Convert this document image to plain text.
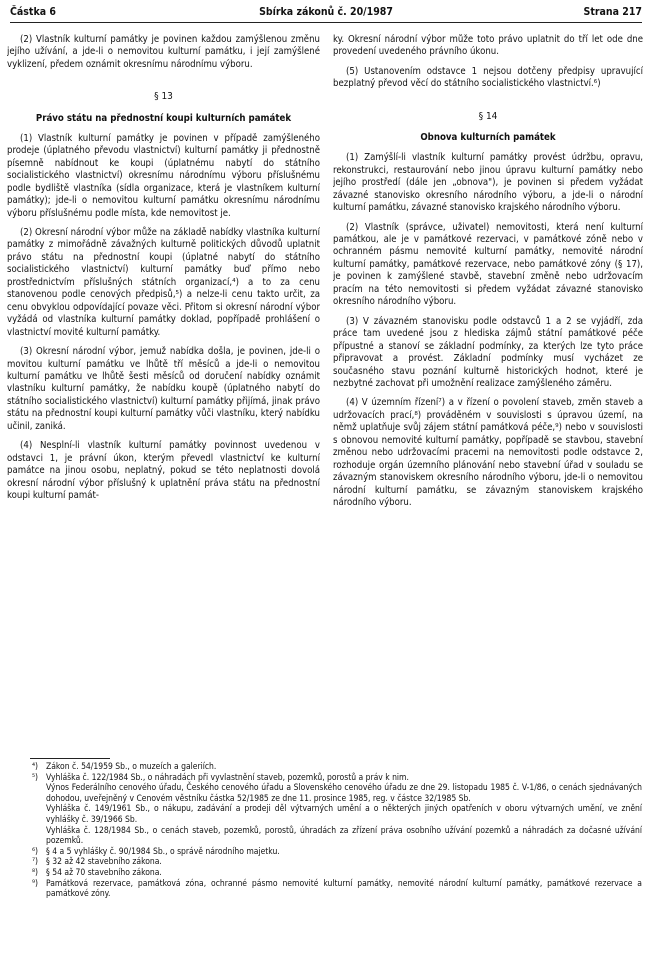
Částka 6	Sbírka zákonů č. 20/1987	Strana 217

(2) Vlastník kulturní památky je povinen každou zamýšlenou změnu jejího užívání, a jde-li o nemovitou kulturní památku, i její zamýšlené vyklizení, předem oznámit okresnímu národnímu výboru.

§ 13
Právo státu na přednostní koupi kulturních památek

(1) Vlastník kulturní památky je povinen v případě zamýšleného prodeje (úplatného převodu vlastnictví) kulturní památky ji přednostně písemně nabídnout ke koupi (úplatnému nabytí do státního socialistického vlastnictví) okresnímu národnímu výboru příslušnému podle bydliště vlastníka (sídla organizace, která je vlastníkem kulturní památky); jde-li o nemovitou kulturní památku okresnímu národnímu výboru příslušnému podle místa, kde nemovitost je.

(2) Okresní národní výbor může na základě nabídky vlastníka kulturní památky z mimořádně závažných kulturně politických důvodů uplatnit právo státu na přednostní koupi (úplatné nabytí do státního socialistického vlastnictví) kulturní památky buď přímo nebo prostřednictvím příslušných státních organizací,⁴) a to za cenu stanovenou podle cenových předpisů,⁵) a nelze-li cenu takto určit, za cenu obvyklou odpovídající povaze věci. Přitom si okresní národní výbor vyžádá od vlastníka kulturní památky doklad, popřípadě prohlášení o vlastnictví movité kulturní památky.

(3) Okresní národní výbor, jemuž nabídka došla, je povinen, jde-li o movitou kulturní památku ve lhůtě tří měsíců a jde-li o nemovitou kulturní památku ve lhůtě šesti měsíců od doručení nabídky oznámit vlastníku kulturní památky, že nabídku koupě (úplatného nabytí do státního socialistického vlastnictví) kulturní památky přijímá, jinak právo státu na přednostní koupi kulturní památky vůči vlastníku, který nabídku učinil, zaniká.

(4) Nesplní-li vlastník kulturní památky povinnost uvedenou v odstavci 1, je právní úkon, kterým převedl vlastnictví ke kulturní památce na jinou osobu, neplatný, pokud se této neplatnosti dovolá okresní národní výbor příslušný k uplatnění práva státu na přednostní koupi kulturní památ-

ky. Okresní národní výbor může toto právo uplatnit do tří let ode dne provedení uvedeného právního úkonu.

(5) Ustanovením odstavce 1 nejsou dotčeny předpisy upravující bezplatný převod věcí do státního socialistického vlastnictví.⁶)

§ 14
Obnova kulturních památek

(1) Zamýšlí-li vlastník kulturní památky provést údržbu, opravu, rekonstrukci, restaurování nebo jinou úpravu kulturní památky nebo jejího prostředí (dále jen „obnova"), je povinen si předem vyžádat závazné stanovisko okresního národního výboru, a jde-li o národní kulturní památku, závazné stanovisko krajského národního výboru.

(2) Vlastník (správce, uživatel) nemovitosti, která není kulturní památkou, ale je v památkové rezervaci, v památkové zóně nebo v ochranném pásmu nemovité kulturní památky, nemovité národní kulturní památky, památkové rezervace, nebo památkové zóny (§ 17), je povinen k zamýšlené stavbě, stavební změně nebo udržovacím pracím na této nemovitosti si předem vyžádat závazné stanovisko okresního národního výboru.

(3) V závazném stanovisku podle odstavců 1 a 2 se vyjádří, zda práce tam uvedené jsou z hlediska zájmů státní památkové péče přípustné a stanoví se základní podmínky, za kterých lze tyto práce připravovat a provést. Základní podmínky musí vycházet ze současného stavu poznání kulturně historických hodnot, které je nezbytné zachovat při umožnění realizace zamýšleného záměru.

(4) V územním řízení⁷) a v řízení o povolení staveb, změn staveb a udržovacích prací,⁸) prováděném v souvislosti s úpravou území, na němž uplatňuje svůj zájem státní památková péče,⁹) nebo v souvislosti s obnovou nemovité kulturní památky, popřípadě se stavbou, stavební změnou nebo udržovacími pracemi na nemovitosti podle odstavce 2, rozhoduje orgán územního plánování nebo stavební úřad v souladu se závazným stanoviskem okresního národního výboru, jde-li o nemovitou národní kulturní památku, se závazným stanoviskem krajského národního výboru.

⁴) Zákon č. 54/1959 Sb., o muzeích a galeriích.
⁵) Vyhláška č. 122/1984 Sb., o náhradách při vyvlastnění staveb, pozemků, porostů a práv k nim.
Výnos Federálního cenového úřadu, Českého cenového úřadu a Slovenského cenového úřadu ze dne 29. listopadu 1985 č. V-1/86, o cenách sjednávaných dohodou, uveřejněný v Cenovém věstníku částka 52/1985 ze dne 11. prosince 1985, reg. v částce 32/1985 Sb.
Vyhláška č. 149/1961 Sb., o nákupu, zadávání a prodeji děl výtvarných umění a o některých jiných opatřeních v oboru výtvarných umění, ve znění vyhlášky č. 39/1966 Sb.
Vyhláška č. 128/1984 Sb., o cenách staveb, pozemků, porostů, úhradách za zřízení práva osobního užívání pozemků a náhradách za dočasné užívání pozemků.
⁶) § 4 a 5 vyhlášky č. 90/1984 Sb., o správě národního majetku.
⁷) § 32 až 42 stavebního zákona.
⁸) § 54 až 70 stavebního zákona.
⁹) Památková rezervace, památková zóna, ochranné pásmo nemovité kulturní památky, nemovité národní kulturní památky, památkové rezervace a památkové zóny.
